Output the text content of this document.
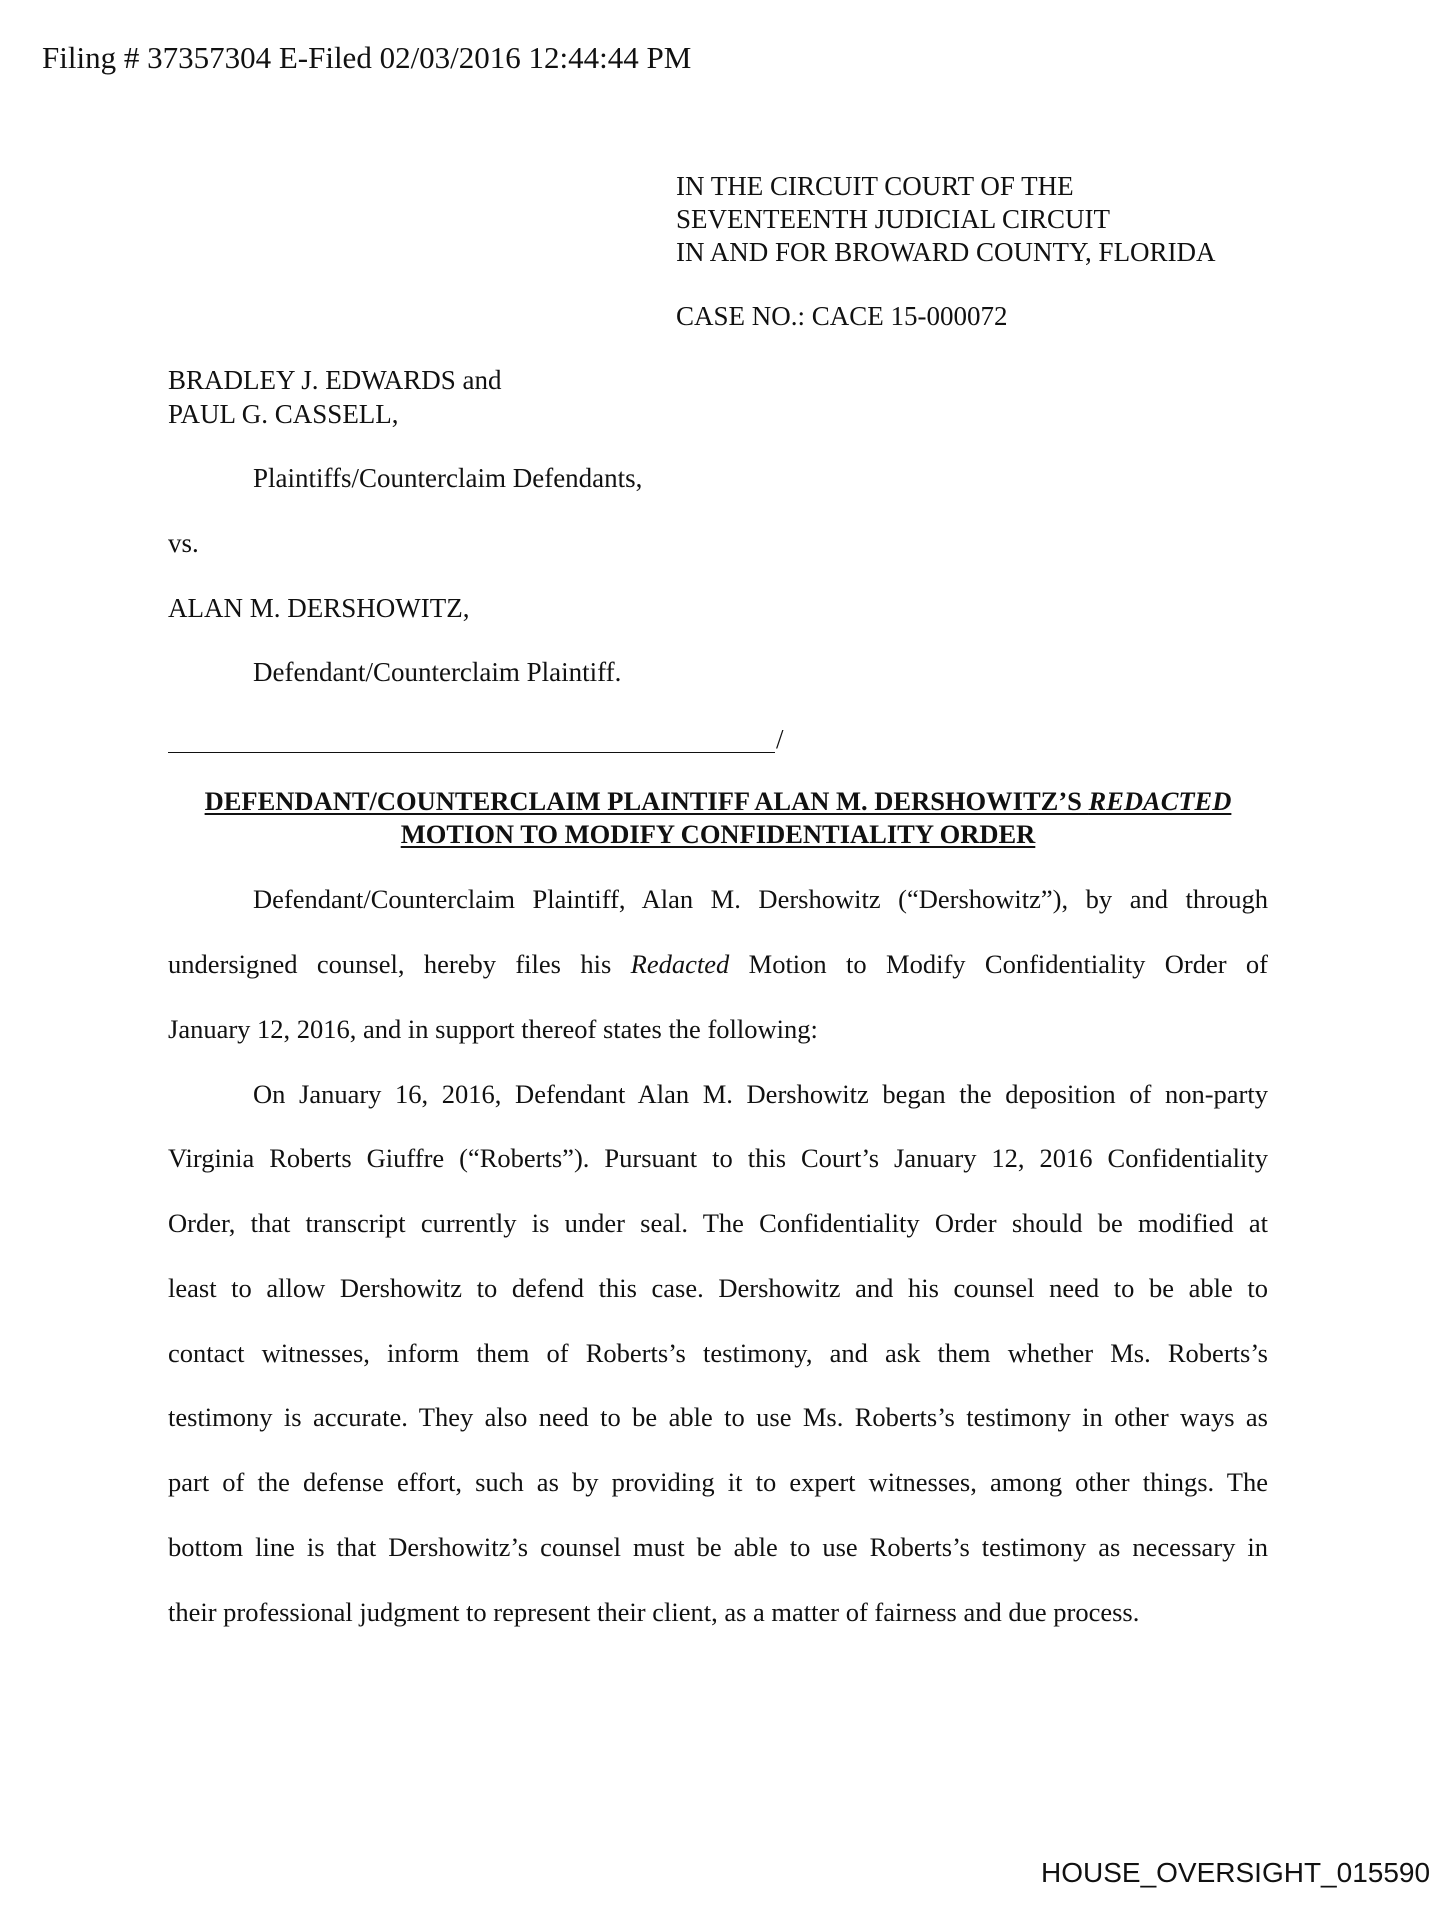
Filing # 37357304 E-Filed 02/03/2016 12:44:44 PM
IN THE CIRCUIT COURT OF THE
SEVENTEENTH JUDICIAL CIRCUIT
IN AND FOR BROWARD COUNTY, FLORIDA
CASE NO.: CACE 15-000072
BRADLEY J. EDWARDS and
PAUL G. CASSELL,
Plaintiffs/Counterclaim Defendants,
vs.
ALAN M. DERSHOWITZ,
Defendant/Counterclaim Plaintiff.
/
DEFENDANT/COUNTERCLAIM PLAINTIFF ALAN M. DERSHOWITZ’S REDACTED
MOTION TO MODIFY CONFIDENTIALITY ORDER
Defendant/Counterclaim Plaintiff, Alan M. Dershowitz (“Dershowitz”), by and through
undersigned counsel, hereby files his Redacted Motion to Modify Confidentiality Order of
January 12, 2016, and in support thereof states the following:
On January 16, 2016, Defendant Alan M. Dershowitz began the deposition of non-party
Virginia Roberts Giuffre (“Roberts”). Pursuant to this Court’s January 12, 2016 Confidentiality
Order, that transcript currently is under seal. The Confidentiality Order should be modified at
least to allow Dershowitz to defend this case. Dershowitz and his counsel need to be able to
contact witnesses, inform them of Roberts’s testimony, and ask them whether Ms. Roberts’s
testimony is accurate. They also need to be able to use Ms. Roberts’s testimony in other ways as
part of the defense effort, such as by providing it to expert witnesses, among other things. The
bottom line is that Dershowitz’s counsel must be able to use Roberts’s testimony as necessary in
their professional judgment to represent their client, as a matter of fairness and due process.
HOUSE_OVERSIGHT_015590
